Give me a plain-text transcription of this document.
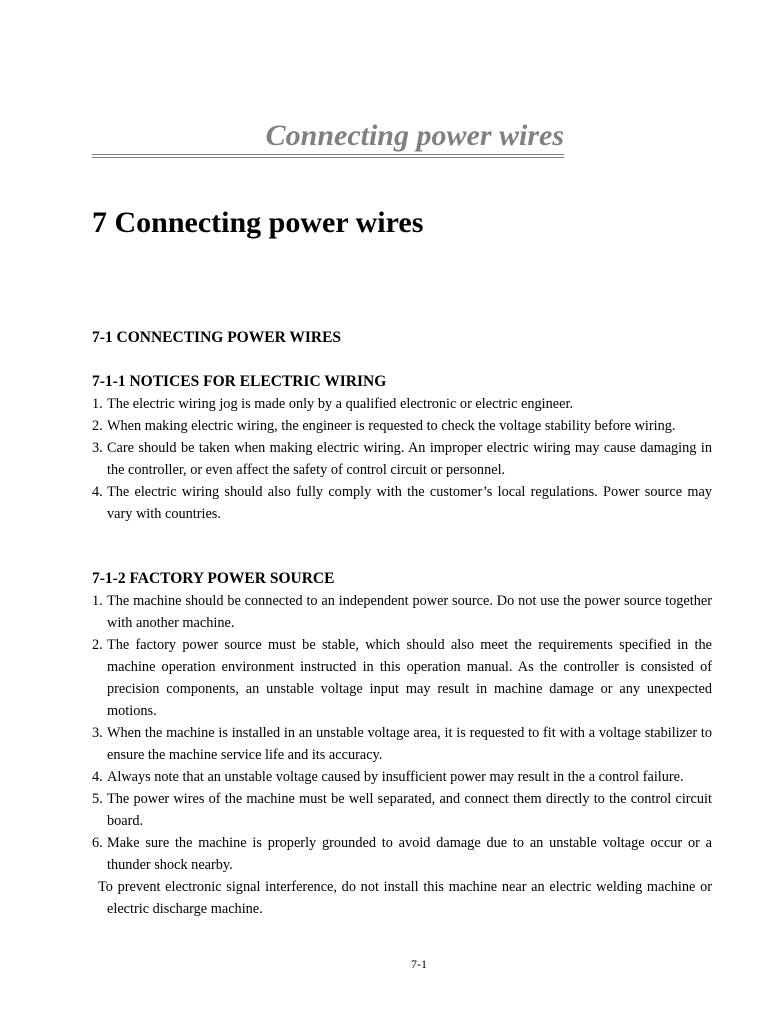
Connecting power wires
7 Connecting power wires
7-1 CONNECTING POWER WIRES
7-1-1 NOTICES FOR ELECTRIC WIRING
1. The electric wiring jog is made only by a qualified electronic or electric engineer.
2. When making electric wiring, the engineer is requested to check the voltage stability before wiring.
3. Care should be taken when making electric wiring. An improper electric wiring may cause damaging in the controller, or even affect the safety of control circuit or personnel.
4. The electric wiring should also fully comply with the customer’s local regulations. Power source may vary with countries.
7-1-2 FACTORY POWER SOURCE
1. The machine should be connected to an independent power source. Do not use the power source together with another machine.
2. The factory power source must be stable, which should also meet the requirements specified in the machine operation environment instructed in this operation manual. As the controller is consisted of precision components, an unstable voltage input may result in machine damage or any unexpected motions.
3. When the machine is installed in an unstable voltage area, it is requested to fit with a voltage stabilizer to ensure the machine service life and its accuracy.
4. Always note that an unstable voltage caused by insufficient power may result in the a control failure.
5. The power wires of the machine must be well separated, and connect them directly to the control circuit board.
6. Make sure the machine is properly grounded to avoid damage due to an unstable voltage occur or a thunder shock nearby.
To prevent electronic signal interference, do not install this machine near an electric welding machine or electric discharge machine.
7-1
